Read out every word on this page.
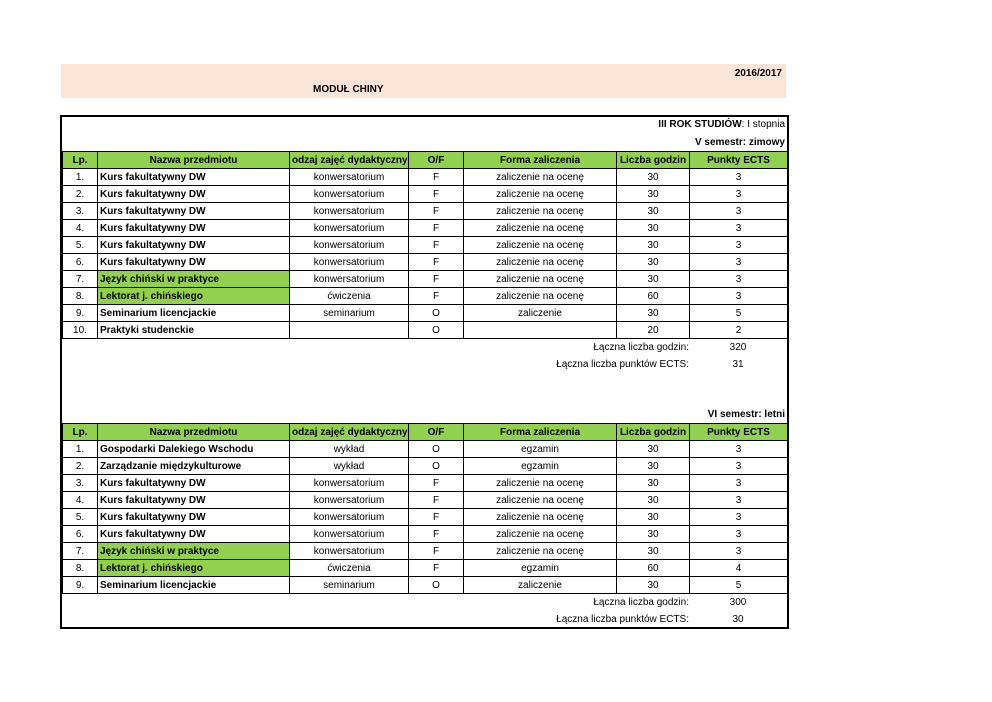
2016/2017
MODUŁ CHINY
III ROK STUDIÓW: I stopnia
V semestr: zimowy
Lp.	Nazwa przedmiotu	odzaj zajęć dydaktyczny	O/F	Forma zaliczenia	Liczba godzin	Punkty ECTS
1.	Kurs fakultatywny DW	konwersatorium	F	zaliczenie na ocenę	30	3
2.	Kurs fakultatywny DW	konwersatorium	F	zaliczenie na ocenę	30	3
3.	Kurs fakultatywny DW	konwersatorium	F	zaliczenie na ocenę	30	3
4.	Kurs fakultatywny DW	konwersatorium	F	zaliczenie na ocenę	30	3
5.	Kurs fakultatywny DW	konwersatorium	F	zaliczenie na ocenę	30	3
6.	Kurs fakultatywny DW	konwersatorium	F	zaliczenie na ocenę	30	3
7.	Język chiński w praktyce	konwersatorium	F	zaliczenie na ocenę	30	3
8.	Lektorat j. chińskiego	ćwiczenia	F	zaliczenie na ocenę	60	3
9.	Seminarium licencjackie	seminarium	O	zaliczenie	30	5
10.	Praktyki studenckie		O		20	2
Łączna liczba godzin:	320
Łączna liczba punktów ECTS:	31
VI semestr: letni
Lp.	Nazwa przedmiotu	odzaj zajęć dydaktyczny	O/F	Forma zaliczenia	Liczba godzin	Punkty ECTS
1.	Gospodarki Dalekiego Wschodu	wykład	O	egzamin	30	3
2.	Zarządzanie międzykulturowe	wykład	O	egzamin	30	3
3.	Kurs fakultatywny DW	konwersatorium	F	zaliczenie na ocenę	30	3
4.	Kurs fakultatywny DW	konwersatorium	F	zaliczenie na ocenę	30	3
5.	Kurs fakultatywny DW	konwersatorium	F	zaliczenie na ocenę	30	3
6.	Kurs fakultatywny DW	konwersatorium	F	zaliczenie na ocenę	30	3
7.	Język chiński w praktyce	konwersatorium	F	zaliczenie na ocenę	30	3
8.	Lektorat j. chińskiego	ćwiczenia	F	egzamin	60	4
9.	Seminarium licencjackie	seminarium	O	zaliczenie	30	5
Łączna liczba godzin:	300
Łączna liczba punktów ECTS:	30
